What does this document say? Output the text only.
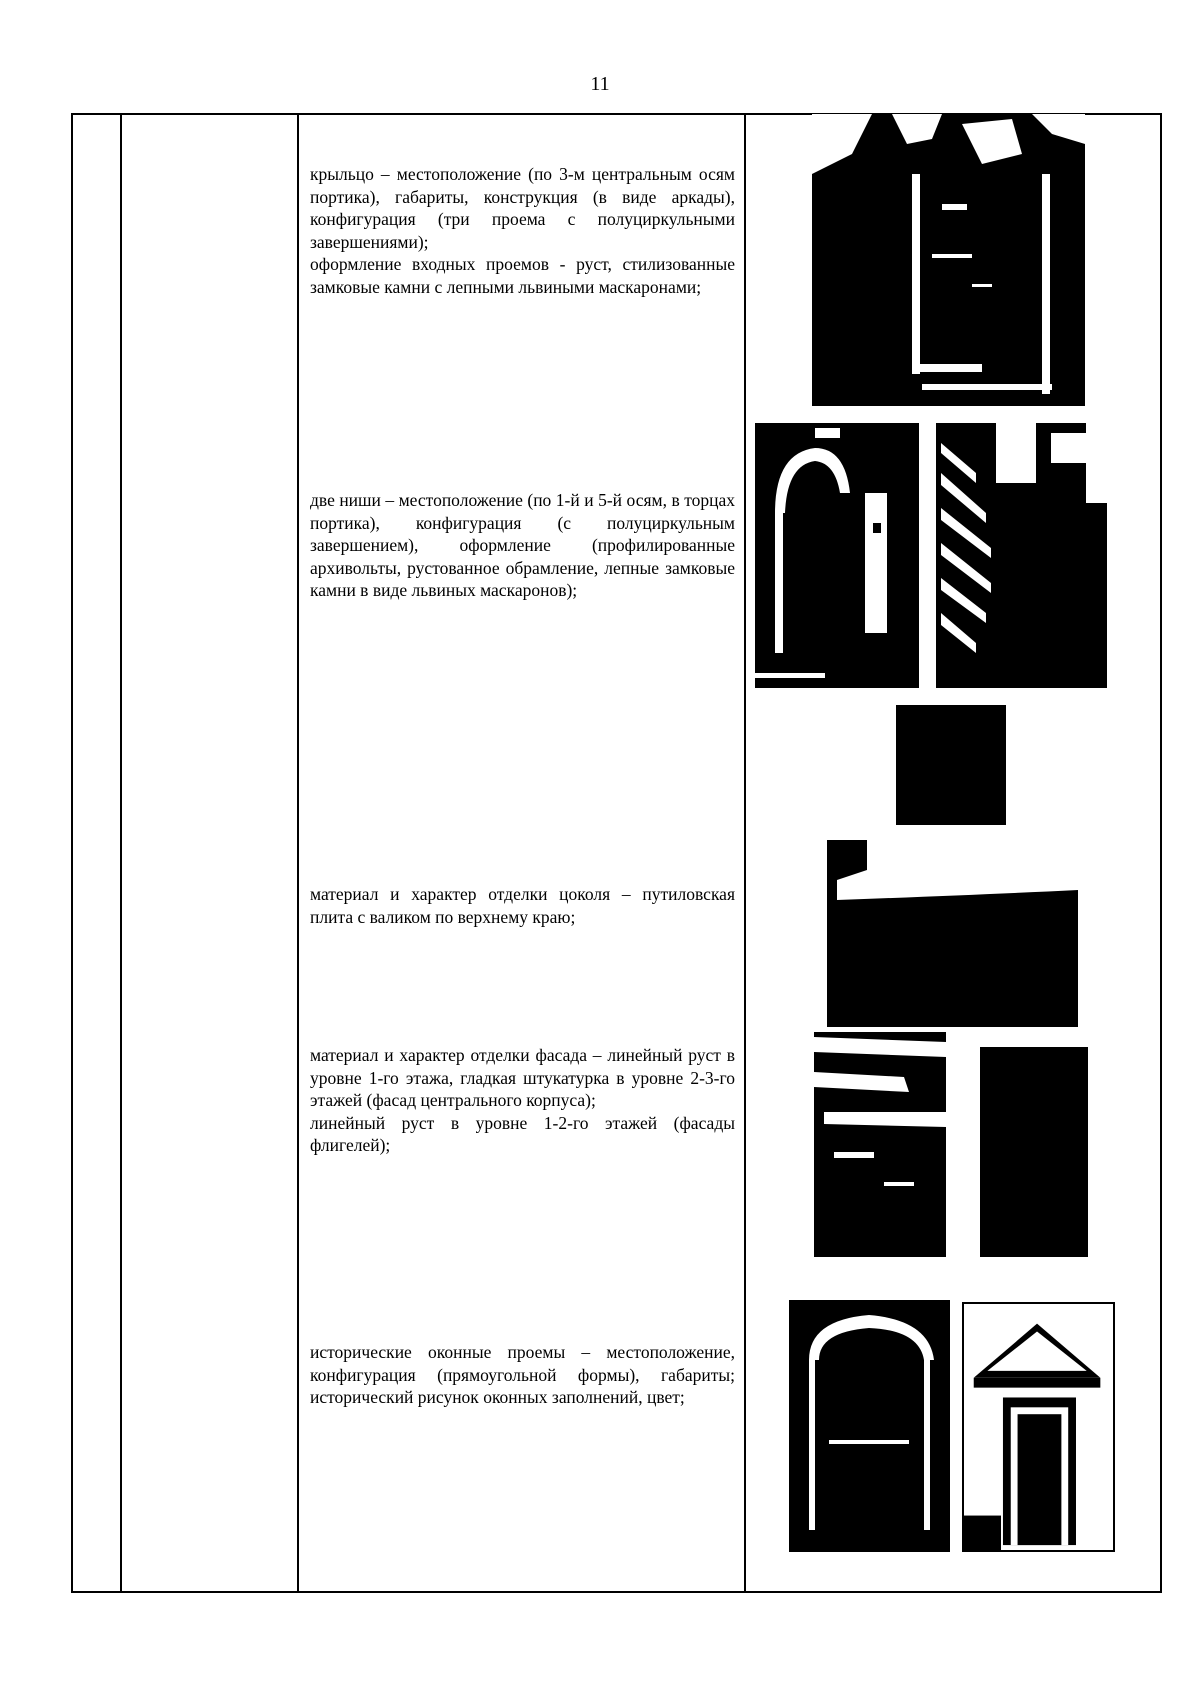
11

крыльцо – местоположение (по 3-м центральным осям портика), габариты, конструкция (в виде аркады), конфигурация (три проема с полуциркульными завершениями);

оформление входных проемов - руст, стилизованные замковые камни с лепными львиными маскаронами;

две ниши – местоположение (по 1-й и 5-й осям, в торцах портика), конфигурация (с полуциркульным завершением), оформление (профилированные архивольты, рустованное обрамление, лепные замковые камни в виде львиных маскаронов);

материал и характер отделки цоколя – путиловская плита с валиком по верхнему краю;

материал и характер отделки фасада – линейный руст в уровне 1-го этажа, гладкая штукатурка в уровне 2-3-го этажей (фасад центрального корпуса);

линейный руст в уровне 1-2-го этажей (фасады флигелей);

исторические оконные проемы – местоположение, конфигурация (прямоугольной формы), габариты; исторический рисунок оконных заполнений, цвет;
